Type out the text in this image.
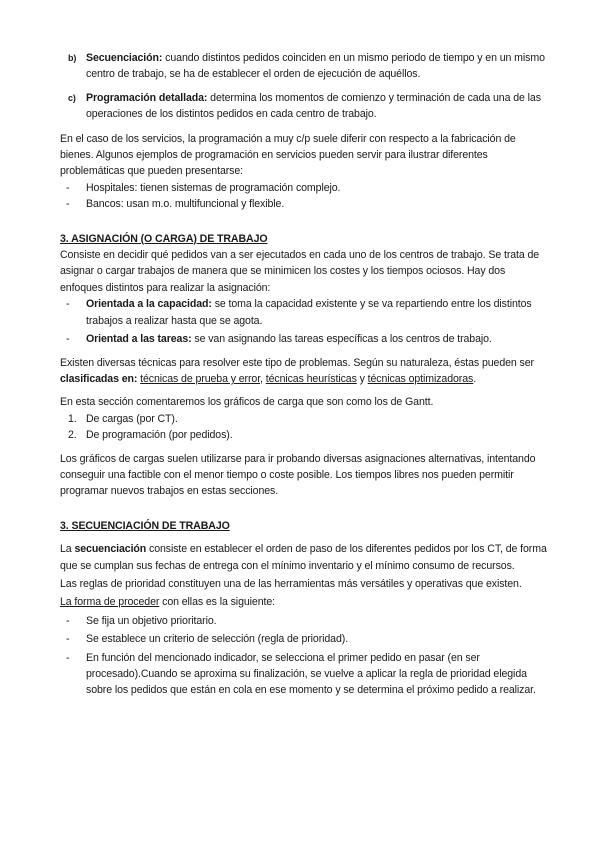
b) Secuenciación: cuando distintos pedidos coinciden en un mismo periodo de tiempo y en un mismo centro de trabajo, se ha de establecer el orden de ejecución de aquéllos.

c) Programación detallada: determina los momentos de comienzo y terminación de cada una de las operaciones de los distintos pedidos en cada centro de trabajo.

En el caso de los servicios, la programación a muy c/p suele diferir con respecto a la fabricación de bienes. Algunos ejemplos de programación en servicios pueden servir para ilustrar diferentes problemáticas que pueden presentarse:

- Hospitales: tienen sistemas de programación complejo.

- Bancos: usan m.o. multifuncional y flexible.

3. ASIGNACIÓN (O CARGA) DE TRABAJO

Consiste en decidir qué pedidos van a ser ejecutados en cada uno de los centros de trabajo. Se trata de asignar o cargar trabajos de manera que se minimicen los costes y los tiempos ociosos. Hay dos enfoques distintos para realizar la asignación:

- Orientada a la capacidad: se toma la capacidad existente y se va repartiendo entre los distintos trabajos a realizar hasta que se agota.

- Orientad a las tareas: se van asignando las tareas específicas a los centros de trabajo.

Existen diversas técnicas para resolver este tipo de problemas. Según su naturaleza, éstas pueden ser clasificadas en: técnicas de prueba y error, técnicas heurísticas y técnicas optimizadoras.

En esta sección comentaremos los gráficos de carga que son como los de Gantt.

1. De cargas (por CT).

2. De programación (por pedidos).

Los gráficos de cargas suelen utilizarse para ir probando diversas asignaciones alternativas, intentando conseguir una factible con el menor tiempo o coste posible. Los tiempos libres nos pueden permitir programar nuevos trabajos en estas secciones.

3. SECUENCIACIÓN DE TRABAJO

La secuenciación consiste en establecer el orden de paso de los diferentes pedidos por los CT, de forma que se cumplan sus fechas de entrega con el mínimo inventario y el mínimo consumo de recursos.

Las reglas de prioridad constituyen una de las herramientas más versátiles y operativas que existen.

La forma de proceder con ellas es la siguiente:

- Se fija un objetivo prioritario.

- Se establece un criterio de selección (regla de prioridad).

- En función del mencionado indicador, se selecciona el primer pedido en pasar (en ser procesado).Cuando se aproxima su finalización, se vuelve a aplicar la regla de prioridad elegida sobre los pedidos que están en cola en ese momento y se determina el próximo pedido a realizar.
